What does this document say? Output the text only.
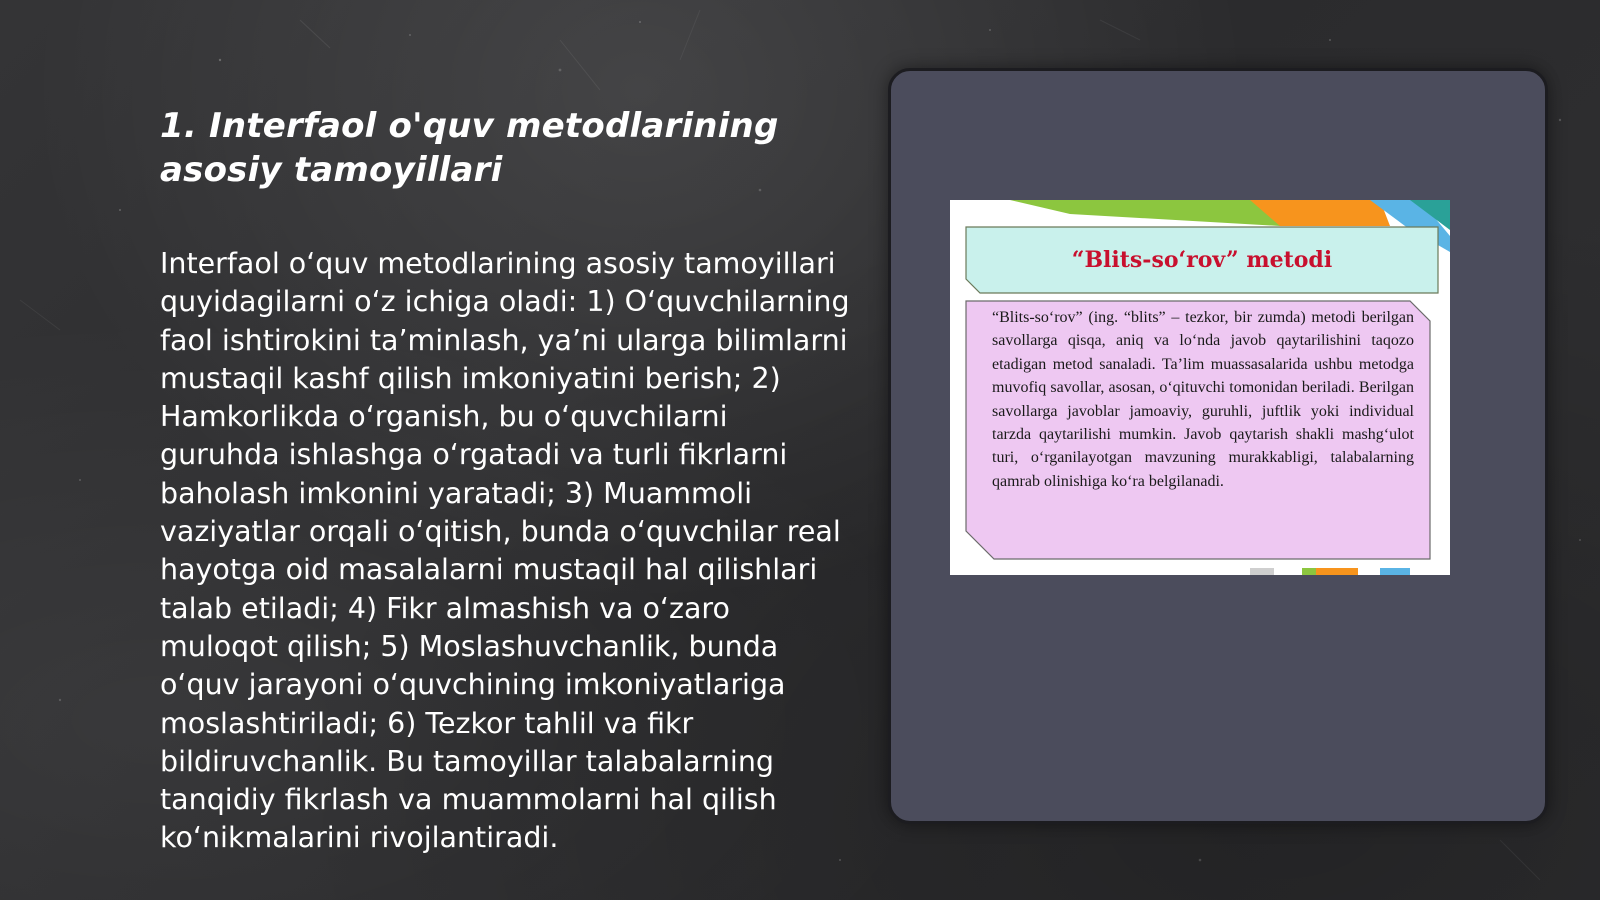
1. Interfaol o'quv metodlarining asosiy tamoyillari

Interfaol o‘quv metodlarining asosiy tamoyillari quyidagilarni o‘z ichiga oladi: 1) O‘quvchilarning faol ishtirokini ta’minlash, ya’ni ularga bilimlarni mustaqil kashf qilish imkoniyatini berish; 2) Hamkorlikda o‘rganish, bu o‘quvchilarni guruhda ishlashga o‘rgatadi va turli fikrlarni baholash imkonini yaratadi; 3) Muammoli vaziyatlar orqali o‘qitish, bunda o‘quvchilar real hayotga oid masalalarni mustaqil hal qilishlari talab etiladi; 4) Fikr almashish va o‘zaro muloqot qilish; 5) Moslashuvchanlik, bunda o‘quv jarayoni o‘quvchining imkoniyatlariga moslashtiriladi; 6) Tezkor tahlil va fikr bildiruvchanlik. Bu tamoyillar talabalarning tanqidiy fikrlash va muammolarni hal qilish ko‘nikmalarini rivojlantiradi.

“Blits-so‘rov” metodi

“Blits-so‘rov” (ing. “blits” – tezkor, bir zumda) metodi berilgan savollarga qisqa, aniq va lo‘nda javob qaytarilishini taqozo etadigan metod sanaladi. Ta’lim muassasalarida ushbu metodga muvofiq savollar, asosan, o‘qituvchi tomonidan beriladi. Berilgan savollarga javoblar jamoaviy, guruhli, juftlik yoki individual tarzda qaytarilishi mumkin. Javob qaytarish shakli mashg‘ulot turi, o‘rganilayotgan mavzuning murakkabligi, talabalarning qamrab olinishiga ko‘ra belgilanadi.
